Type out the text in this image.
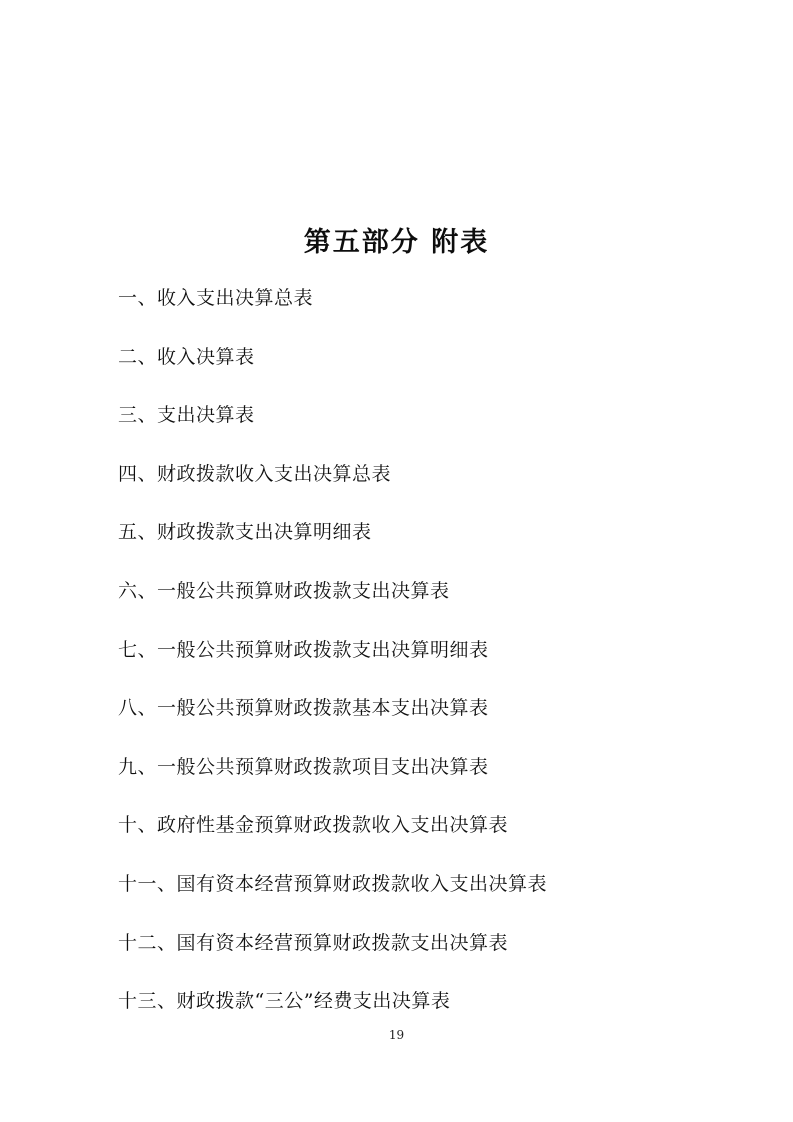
第五部分 附表
一、收入支出决算总表
二、收入决算表
三、支出决算表
四、财政拨款收入支出决算总表
五、财政拨款支出决算明细表
六、一般公共预算财政拨款支出决算表
七、一般公共预算财政拨款支出决算明细表
八、一般公共预算财政拨款基本支出决算表
九、一般公共预算财政拨款项目支出决算表
十、政府性基金预算财政拨款收入支出决算表
十一、国有资本经营预算财政拨款收入支出决算表
十二、国有资本经营预算财政拨款支出决算表
十三、财政拨款“三公”经费支出决算表
19
